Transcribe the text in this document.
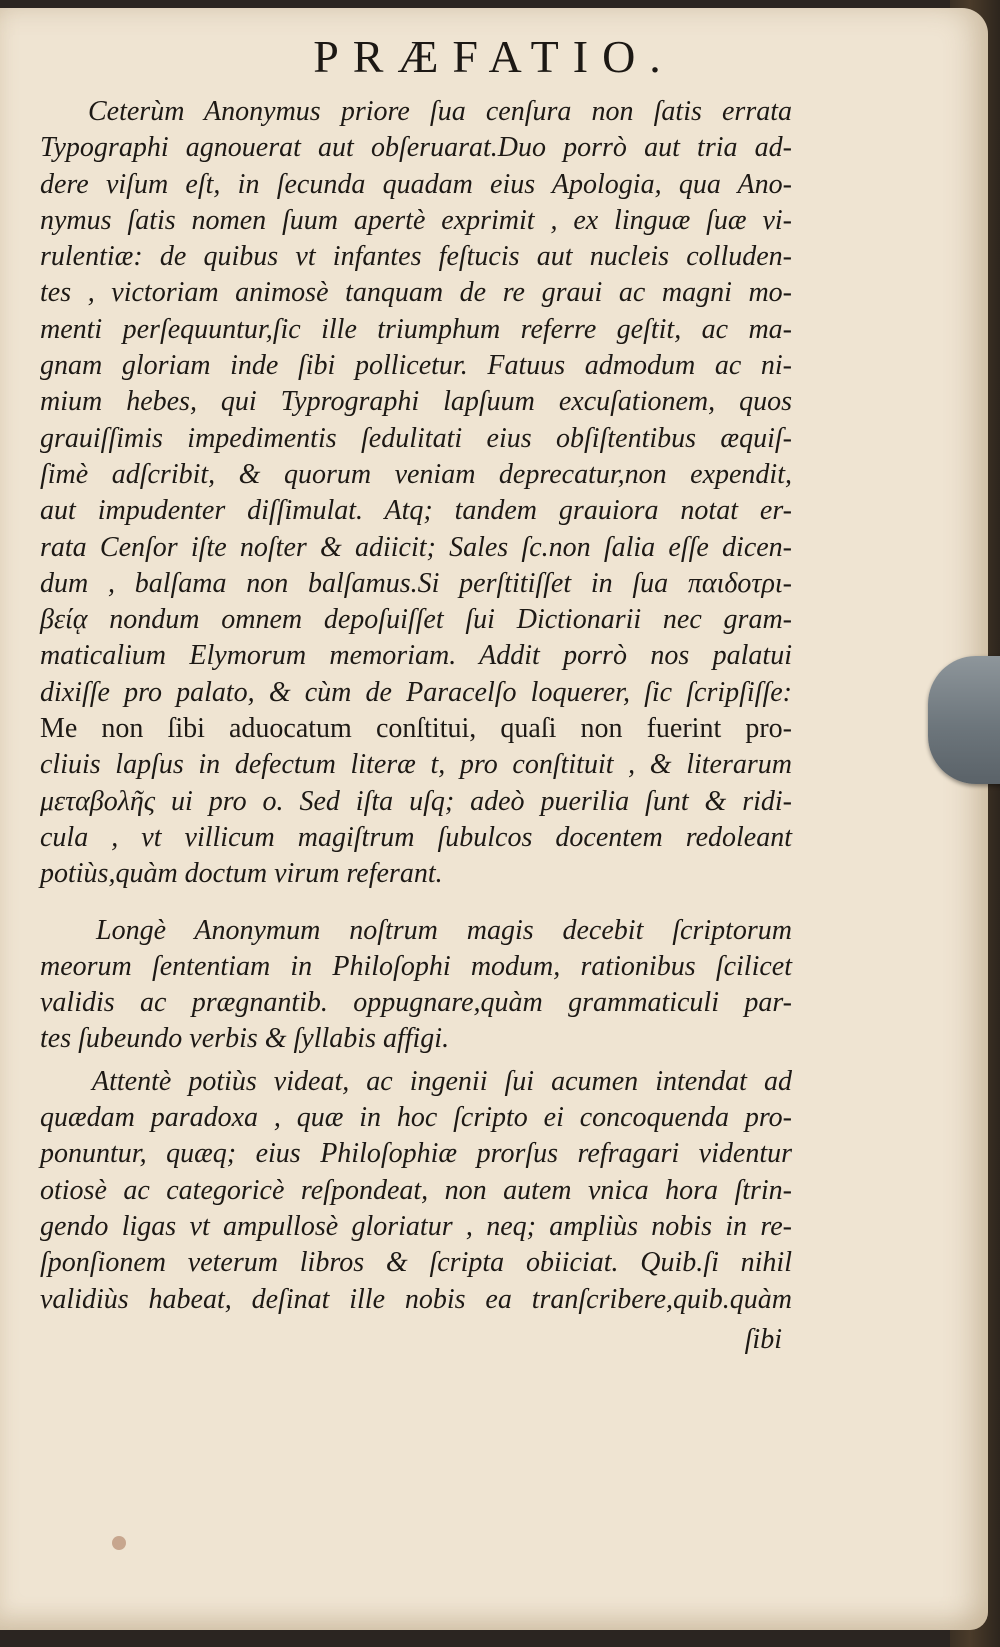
PRÆFATIO.
Ceterùm Anonymus priore ſua cenſura non ſatis errata
Typographi agnouerat aut obſeruarat.Duo porrò aut tria ad-
dere viſum eſt, in ſecunda quadam eius Apologia, qua Ano-
nymus ſatis nomen ſuum apertè exprimit , ex linguæ ſuæ vi-
rulentiæ: de quibus vt infantes feſtucis aut nucleis colluden-
tes , victoriam animosè tanquam de re graui ac magni mo-
menti perſequuntur,ſic ille triumphum referre geſtit, ac ma-
gnam gloriam inde ſibi pollicetur. Fatuus admodum ac ni-
mium hebes, qui Typrographi lapſuum excuſationem, quos
grauiſſimis impedimentis ſedulitati eius obſiſtentibus æquiſ-
ſimè adſcribit, & quorum veniam deprecatur,non expendit,
aut impudenter diſſimulat. Atq; tandem grauiora notat er-
rata Cenſor iſte noſter & adiicit; Sales ſc.non ſalia eſſe dicen-
dum , balſama non balſamus.Si perſtitiſſet in ſua παιδοτρι-
βείᾳ nondum omnem depoſuiſſet ſui Dictionarii nec gram-
maticalium Elymorum memoriam. Addit porrò nos palatui
dixiſſe pro palato, & cùm de Paracelſo loquerer, ſic ſcripſiſſe:
Me non ſibi aduocatum conſtitui, quaſi non fuerint pro-
cliuis lapſus in defectum literæ t, pro conſtituit , & literarum
μεταβολῆς ui pro o. Sed iſta uſq; adeò puerilia ſunt & ridi-
cula , vt villicum magiſtrum ſubulcos docentem redoleant
potiùs,quàm doctum virum referant.
Longè Anonymum noſtrum magis decebit ſcriptorum
meorum ſententiam in Philoſophi modum, rationibus ſcilicet
validis ac prægnantib. oppugnare,quàm grammaticuli par-
tes ſubeundo verbis & ſyllabis affigi.
Attentè potiùs videat, ac ingenii ſui acumen intendat ad
quædam paradoxa , quæ in hoc ſcripto ei concoquenda pro-
ponuntur, quæq; eius Philoſophiæ prorſus refragari videntur
otiosè ac categoricè reſpondeat, non autem vnica hora ſtrin-
gendo ligas vt ampullosè gloriatur , neq; ampliùs nobis in re-
ſponſionem veterum libros & ſcripta obiiciat. Quib.ſi nihil
validiùs habeat, deſinat ille nobis ea tranſcribere,quib.quàm
ſibi
